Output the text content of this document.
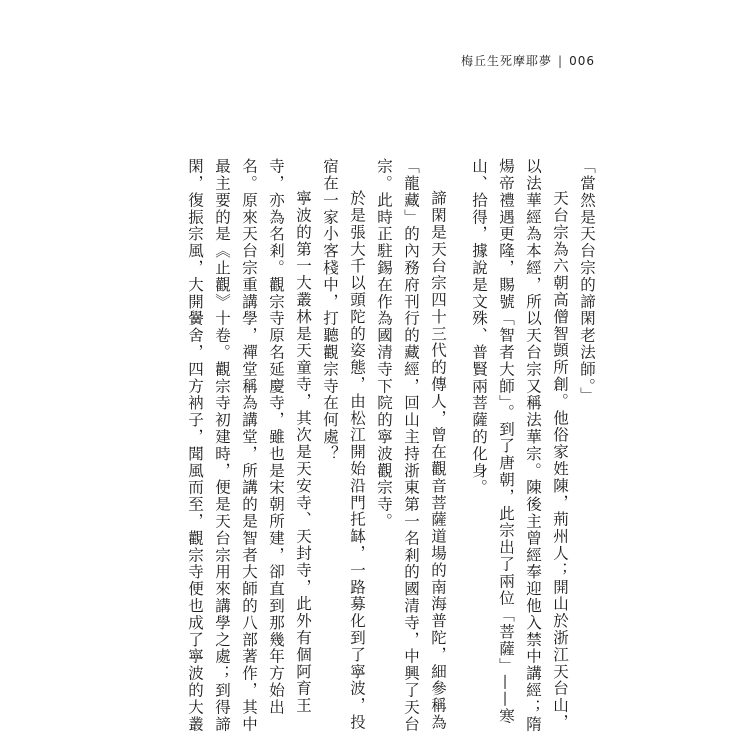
梅丘生死摩耶夢 | 006
「當然是天台宗的諦閑老法師。」
天台宗為六朝高僧智顗所創。他俗家姓陳，荊州人；開山於浙江天台山，
以法華經為本經，所以天台宗又稱法華宗。陳後主曾經奉迎他入禁中講經；隋
煬帝禮遇更隆，賜號「智者大師」。到了唐朝，此宗出了兩位「菩薩」——寒
山、拾得，據說是文殊、普賢兩菩薩的化身。
諦閑是天台宗四十三代的傳人，曾在觀音菩薩道場的南海普陀，細參稱為
「龍藏」的內務府刊行的藏經，回山主持浙東第一名剎的國清寺，中興了天台
宗。此時正駐錫在作為國清寺下院的寧波觀宗寺。
於是張大千以頭陀的姿態，由松江開始沿門托缽，一路募化到了寧波，投
宿在一家小客棧中，打聽觀宗寺在何處？
寧波的第一大叢林是天童寺，其次是天安寺、天封寺，此外有個阿育王
寺，亦為名剎。觀宗寺原名延慶寺，雖也是宋朝所建，卻直到那幾年方始出
名。原來天台宗重講學，禪堂稱為講堂，所講的是智者大師的八部著作，其中
最主要的是《止觀》十卷。觀宗寺初建時，便是天台宗用來講學之處；到得諦
閑，復振宗風，大開黌舍，四方衲子，聞風而至，觀宗寺便也成了寧波的大叢
